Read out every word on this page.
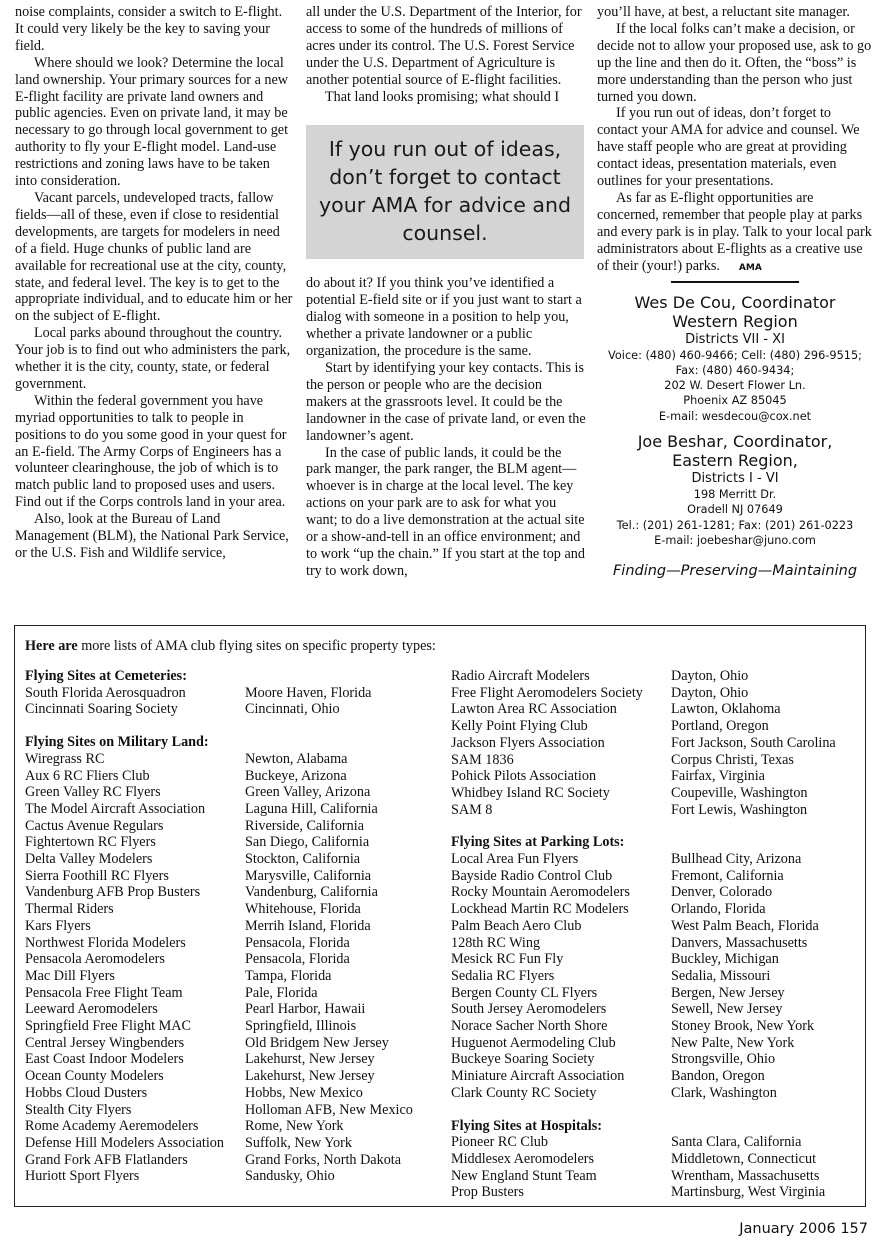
noise complaints, consider a switch to E-flight. It could very likely be the key to saving your field.

Where should we look? Determine the local land ownership. Your primary sources for a new E-flight facility are private land owners and public agencies. Even on private land, it may be necessary to go through local government to get authority to fly your E-flight model. Land-use restrictions and zoning laws have to be taken into consideration.

Vacant parcels, undeveloped tracts, fallow fields—all of these, even if close to residential developments, are targets for modelers in need of a field. Huge chunks of public land are available for recreational use at the city, county, state, and federal level. The key is to get to the appropriate individual, and to educate him or her on the subject of E-flight.

Local parks abound throughout the country. Your job is to find out who administers the park, whether it is the city, county, state, or federal government.

Within the federal government you have myriad opportunities to talk to people in positions to do you some good in your quest for an E-field. The Army Corps of Engineers has a volunteer clearinghouse, the job of which is to match public land to proposed uses and users. Find out if the Corps controls land in your area.

Also, look at the Bureau of Land Management (BLM), the National Park Service, or the U.S. Fish and Wildlife service,

all under the U.S. Department of the Interior, for access to some of the hundreds of millions of acres under its control. The U.S. Forest Service under the U.S. Department of Agriculture is another potential source of E-flight facilities.

That land looks promising; what should I

If you run out of ideas, don’t forget to contact your AMA for advice and counsel.

do about it? If you think you’ve identified a potential E-field site or if you just want to start a dialog with someone in a position to help you, whether a private landowner or a public organization, the procedure is the same.

Start by identifying your key contacts. This is the person or people who are the decision makers at the grassroots level. It could be the landowner in the case of private land, or even the landowner’s agent.

In the case of public lands, it could be the park manger, the park ranger, the BLM agent—whoever is in charge at the local level. The key actions on your park are to ask for what you want; to do a live demonstration at the actual site or a show-and-tell in an office environment; and to work “up the chain.” If you start at the top and try to work down,

you’ll have, at best, a reluctant site manager.

If the local folks can’t make a decision, or decide not to allow your proposed use, ask to go up the line and then do it. Often, the “boss” is more understanding than the person who just turned you down.

If you run out of ideas, don’t forget to contact your AMA for advice and counsel. We have staff people who are great at providing contact ideas, presentation materials, even outlines for your presentations.

As far as E-flight opportunities are concerned, remember that people play at parks and every park is in play. Talk to your local park administrators about E-flights as a creative use of their (your!) parks. AMA

Wes De Cou, Coordinator
Western Region
Districts VII - XI
Voice: (480) 460-9466; Cell: (480) 296-9515;
Fax: (480) 460-9434;
202 W. Desert Flower Ln.
Phoenix AZ 85045
E-mail: wesdecou@cox.net
Joe Beshar, Coordinator,
Eastern Region,
Districts I - VI
198 Merritt Dr.
Oradell NJ 07649
Tel.: (201) 261-1281; Fax: (201) 261-0223
E-mail: joebeshar@juno.com
Finding—Preserving—Maintaining
Here are more lists of AMA club flying sites on specific property types:
Flying Sites at Cemeteries:
South Florida Aerosquadron	Moore Haven, Florida
Cincinnati Soaring Society	Cincinnati, Ohio
Flying Sites on Military Land:
Wiregrass RC	Newton, Alabama
Aux 6 RC Fliers Club	Buckeye, Arizona
Green Valley RC Flyers	Green Valley, Arizona
The Model Aircraft Association	Laguna Hill, California
Cactus Avenue Regulars	Riverside, California
Fightertown RC Flyers	San Diego, California
Delta Valley Modelers	Stockton, California
Sierra Foothill RC Flyers	Marysville, California
Vandenburg AFB Prop Busters	Vandenburg, California
Thermal Riders	Whitehouse, Florida
Kars Flyers	Merrih Island, Florida
Northwest Florida Modelers	Pensacola, Florida
Pensacola Aeromodelers	Pensacola, Florida
Mac Dill Flyers	Tampa, Florida
Pensacola Free Flight Team	Pale, Florida
Leeward Aeromodelers	Pearl Harbor, Hawaii
Springfield Free Flight MAC	Springfield, Illinois
Central Jersey Wingbenders	Old Bridgem New Jersey
East Coast Indoor Modelers	Lakehurst, New Jersey
Ocean County Modelers	Lakehurst, New Jersey
Hobbs Cloud Dusters	Hobbs, New Mexico
Stealth City Flyers	Holloman AFB, New Mexico
Rome Academy Aeremodelers	Rome, New York
Defense Hill Modelers Association	Suffolk, New York
Grand Fork AFB Flatlanders	Grand Forks, North Dakota
Huriott Sport Flyers	Sandusky, Ohio
Radio Aircraft Modelers	Dayton, Ohio
Free Flight Aeromodelers Society	Dayton, Ohio
Lawton Area RC Association	Lawton, Oklahoma
Kelly Point Flying Club	Portland, Oregon
Jackson Flyers Association	Fort Jackson, South Carolina
SAM 1836	Corpus Christi, Texas
Pohick Pilots Association	Fairfax, Virginia
Whidbey Island RC Society	Coupeville, Washington
SAM 8	Fort Lewis, Washington
Flying Sites at Parking Lots:
Local Area Fun Flyers	Bullhead City, Arizona
Bayside Radio Control Club	Fremont, California
Rocky Mountain Aeromodelers	Denver, Colorado
Lockhead Martin RC Modelers	Orlando, Florida
Palm Beach Aero Club	West Palm Beach, Florida
128th RC Wing	Danvers, Massachusetts
Mesick RC Fun Fly	Buckley, Michigan
Sedalia RC Flyers	Sedalia, Missouri
Bergen County CL Flyers	Bergen, New Jersey
South Jersey Aeromodelers	Sewell, New Jersey
Norace Sacher North Shore	Stoney Brook, New York
Huguenot Aermodeling Club	New Palte, New York
Buckeye Soaring Society	Strongsville, Ohio
Miniature Aircraft Association	Bandon, Oregon
Clark County RC Society	Clark, Washington
Flying Sites at Hospitals:
Pioneer RC Club	Santa Clara, California
Middlesex Aeromodelers	Middletown, Connecticut
New England Stunt Team	Wrentham, Massachusetts
Prop Busters	Martinsburg, West Virginia
January 2006 157
